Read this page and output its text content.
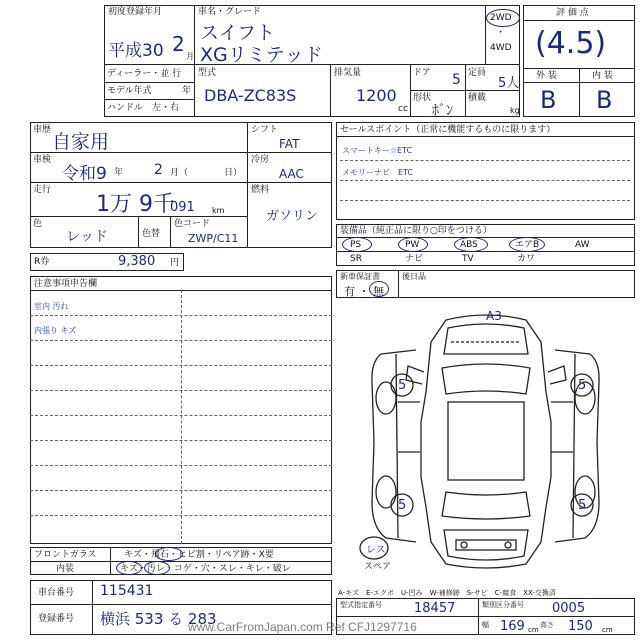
初度登録年月
平成30 2
月
車名・グレード
スイフト
XGリミテッド
2WD
・
4WD
評 価 点
(4.5)
外 装	内 装
B B
ディーラー・並 行
モデル年式	年
ハンドル　左・右
型式
DBA-ZC83S
排気量
1200
cc
ドア 5 定員
5人
形状
ﾎﾞﾝ
積載
kg
車歴
自家用
車検
令和9 年 2 月（	日）
走行
1万 9千
091 km
色
レッド	色替
色コード
ZWP/C11
シフト
FAT
冷房
AAC
燃料
ガソリン
R券	9,380 円
セールスポイント（正常に機能するものに限ります）
スマートキー☆ETC
メモリーナビ　ETC
装備品（純正品に限り○印をつける）
PS	PW	ABS	エアB	AW
SR	ナビ	TV	カワ
新車保証書
有 ・ 無
後日品
注意事項申告欄
室内 汚れ
内張り キズ
A3
5	5
5	5
レス
スペア
フロントガラス	キズ・飛石・ヒビ割・リペア跡・X要
内装	キズ・汚レ・コゲ・穴・スレ・キレ・破レ
車台番号 115431
登録番号 横浜 533 る 283
A-キズ　E-エクボ　U-凹み　W-補修跡　S-サビ　C-腐食　XX-交換済
型式指定番号 18457	類別区分番号 0005
幅 169 cm
高さ 150 cm
www.CarFromJapan.com Ref CFJ1297716
